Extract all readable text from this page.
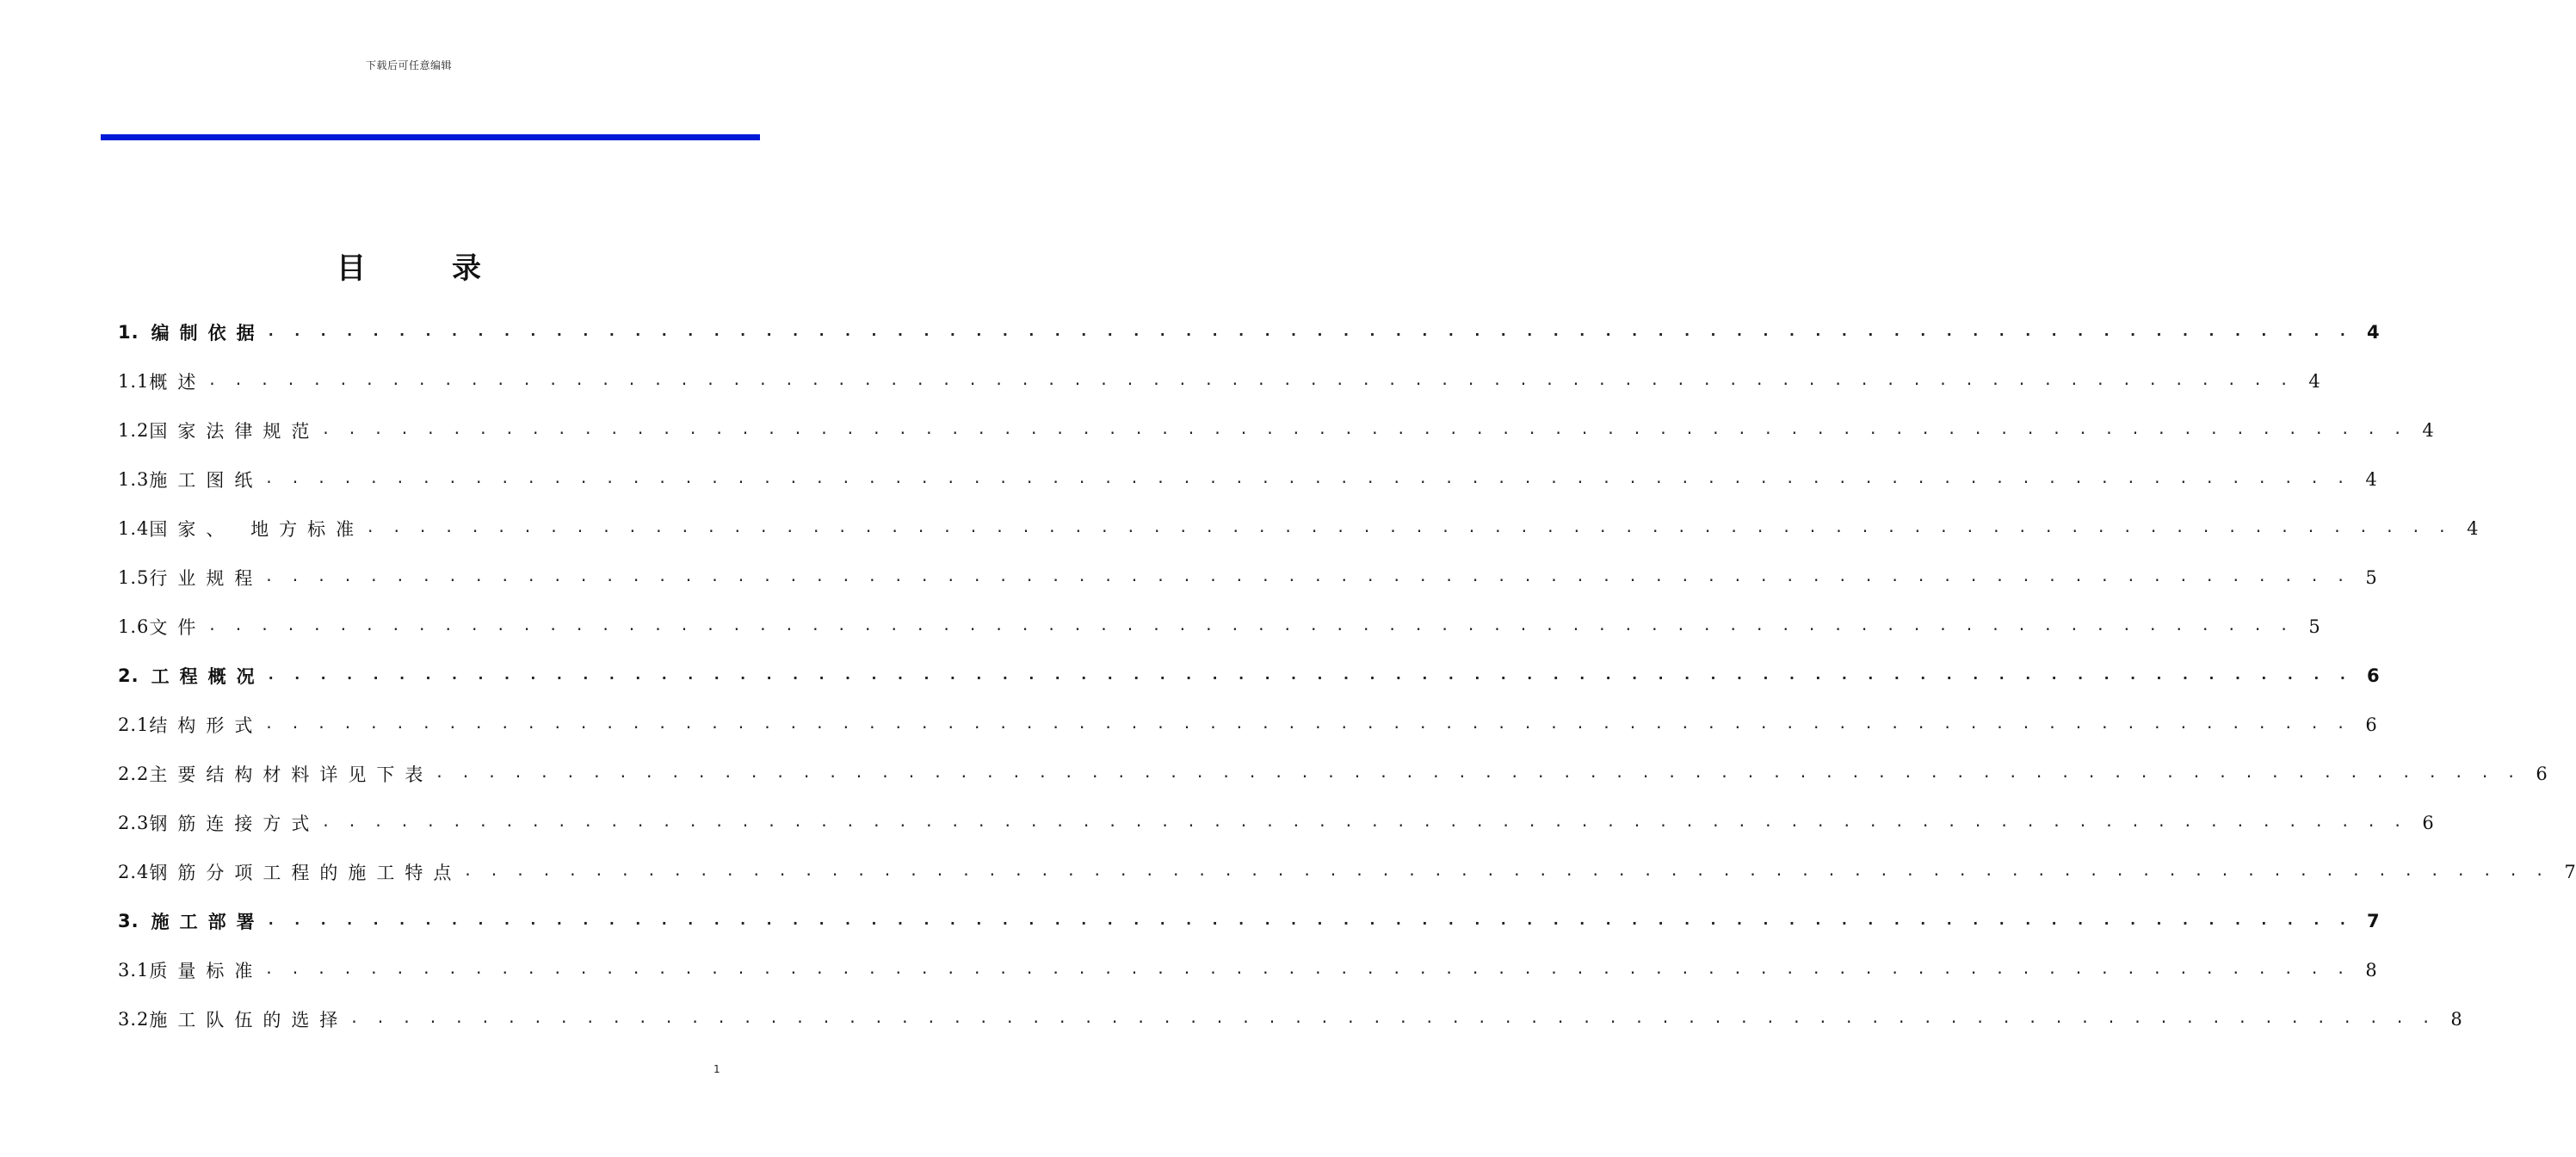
下载后可任意编辑
目录
1. 编制依据 . . . . . . . . . . . . . . . . . . . . . . . . . . . . . . . . . . . . . . . . . . . . . . . . . . . . . . . . . . . . . . . . . . . . . . . . . . . . . . . . 4
1.1 概述 . . . . . . . . . . . . . . . . . . . . . . . . . . . . . . . . . . . . . . . . . . . . . . . . . . . . . . . . . . . . . . . . . . . . . . . . . . . . . . . . 4
1.2 国家法律规范 . . . . . . . . . . . . . . . . . . . . . . . . . . . . . . . . . . . . . . . . . . . . . . . . . . . . . . . . . . . . . . . . . . . . . . . . . . . . . . . . 4
1.3 施工图纸 . . . . . . . . . . . . . . . . . . . . . . . . . . . . . . . . . . . . . . . . . . . . . . . . . . . . . . . . . . . . . . . . . . . . . . . . . . . . . . . . 4
1.4 国家、 地方标准 . . . . . . . . . . . . . . . . . . . . . . . . . . . . . . . . . . . . . . . . . . . . . . . . . . . . . . . . . . . . . . . . . . . . . . . . . . . . . . . . 4
1.5 行业规程 . . . . . . . . . . . . . . . . . . . . . . . . . . . . . . . . . . . . . . . . . . . . . . . . . . . . . . . . . . . . . . . . . . . . . . . . . . . . . . . . 5
1.6 文件 . . . . . . . . . . . . . . . . . . . . . . . . . . . . . . . . . . . . . . . . . . . . . . . . . . . . . . . . . . . . . . . . . . . . . . . . . . . . . . . . 5
2. 工程概况 . . . . . . . . . . . . . . . . . . . . . . . . . . . . . . . . . . . . . . . . . . . . . . . . . . . . . . . . . . . . . . . . . . . . . . . . . . . . . . . . 6
2.1 结构形式 . . . . . . . . . . . . . . . . . . . . . . . . . . . . . . . . . . . . . . . . . . . . . . . . . . . . . . . . . . . . . . . . . . . . . . . . . . . . . . . . 6
2.2 主要结构材料详见下表 . . . . . . . . . . . . . . . . . . . . . . . . . . . . . . . . . . . . . . . . . . . . . . . . . . . . . . . . . . . . . . . . . . . . . . . . . . . . . . . . 6
2.3 钢筋连接方式 . . . . . . . . . . . . . . . . . . . . . . . . . . . . . . . . . . . . . . . . . . . . . . . . . . . . . . . . . . . . . . . . . . . . . . . . . . . . . . . . 6
2.4 钢筋分项工程的施工特点 . . . . . . . . . . . . . . . . . . . . . . . . . . . . . . . . . . . . . . . . . . . . . . . . . . . . . . . . . . . . . . . . . . . . . . . . . . . . . . . . 7
3. 施工部署 . . . . . . . . . . . . . . . . . . . . . . . . . . . . . . . . . . . . . . . . . . . . . . . . . . . . . . . . . . . . . . . . . . . . . . . . . . . . . . . . 7
3.1 质量标准 . . . . . . . . . . . . . . . . . . . . . . . . . . . . . . . . . . . . . . . . . . . . . . . . . . . . . . . . . . . . . . . . . . . . . . . . . . . . . . . . 8
3.2 施工队伍的选择 . . . . . . . . . . . . . . . . . . . . . . . . . . . . . . . . . . . . . . . . . . . . . . . . . . . . . . . . . . . . . . . . . . . . . . . . . . . . . . . . 8
1
